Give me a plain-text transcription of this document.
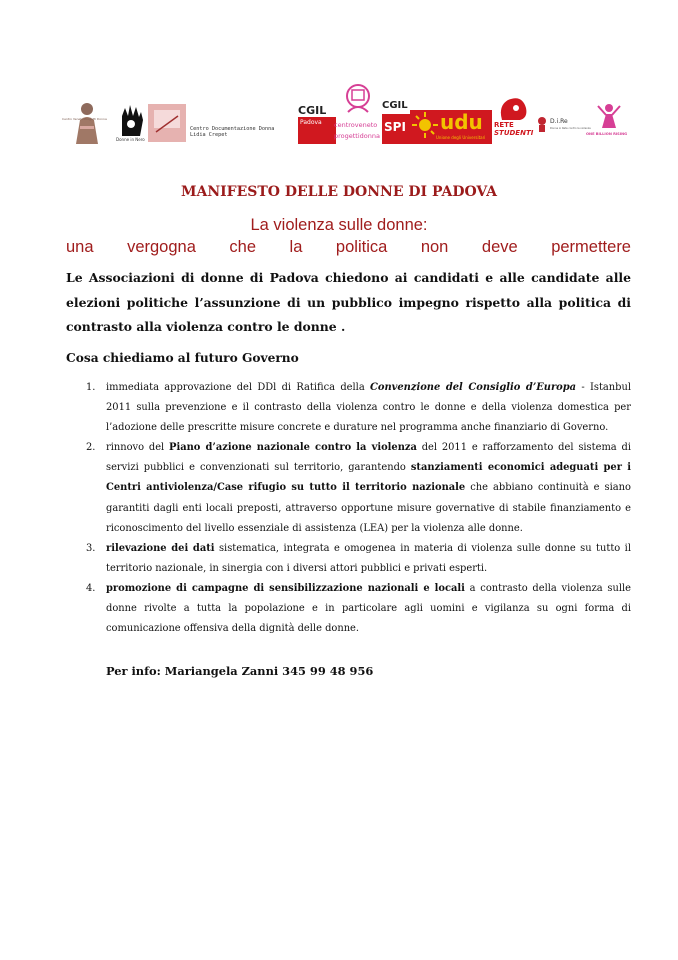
Centro Veneto Progetti Donna
Donne in Nero
Centro Documentazione Donna
Lidia Crepet
CGIL
Padova	centroveneto
progettidonna
CGIL
SPI udu
Unione degli Universitari
RETE
STUDENTI
D.i.Re
Donne in Rete contro la violenza
ONE BILLION RISING
MANIFESTO DELLE DONNE DI PADOVA
La violenza sulle donne:
una vergogna che la politica non deve permettere
Le Associazioni di donne di Padova chiedono ai candidati e alle candidate alle elezioni politiche l’assunzione di un pubblico impegno rispetto alla politica di contrasto alla violenza contro le donne .
Cosa chiediamo al futuro Governo
1. immediata approvazione del DDl di Ratifica della Convenzione del Consiglio d’Europa - Istanbul 2011 sulla prevenzione e il contrasto della violenza contro le donne e della violenza domestica per l’adozione delle prescritte misure concrete e durature nel programma anche finanziario di Governo.
2. rinnovo del Piano d’azione nazionale contro la violenza del 2011 e rafforzamento del sistema di servizi pubblici e convenzionati sul territorio, garantendo stanziamenti economici adeguati per i Centri antiviolenza/Case rifugio su tutto il territorio nazionale che abbiano continuità e siano garantiti dagli enti locali preposti, attraverso opportune misure governative di stabile finanziamento e riconoscimento del livello essenziale di assistenza (LEA) per la violenza alle donne.
3. rilevazione dei dati sistematica, integrata e omogenea in materia di violenza sulle donne su tutto il territorio nazionale, in sinergia con i diversi attori pubblici e privati esperti.
4. promozione di campagne di sensibilizzazione nazionali e locali a contrasto della violenza sulle donne rivolte a tutta la popolazione e in particolare agli uomini e vigilanza su ogni forma di comunicazione offensiva della dignità delle donne.
Per info: Mariangela Zanni 345 99 48 956
